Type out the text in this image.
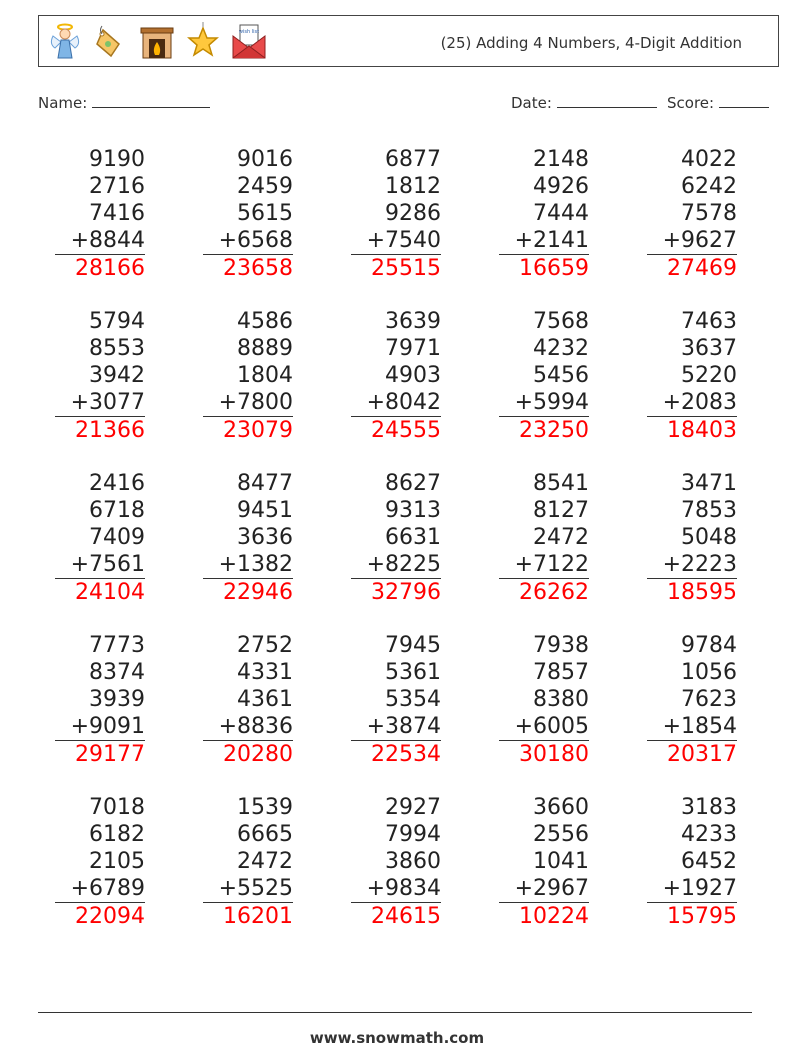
wish list
(25) Adding 4 Numbers, 4-Digit Addition
Name:	Date:	Score:
9190
2716
7416
+8844
28166
9016
2459
5615
+6568
23658
6877
1812
9286
+7540
25515
2148
4926
7444
+2141
16659
4022
6242
7578
+9627
27469
5794
8553
3942
+3077
21366
4586
8889
1804
+7800
23079
3639
7971
4903
+8042
24555
7568
4232
5456
+5994
23250
7463
3637
5220
+2083
18403
2416
6718
7409
+7561
24104
8477
9451
3636
+1382
22946
8627
9313
6631
+8225
32796
8541
8127
2472
+7122
26262
3471
7853
5048
+2223
18595
7773
8374
3939
+9091
29177
2752
4331
4361
+8836
20280
7945
5361
5354
+3874
22534
7938
7857
8380
+6005
30180
9784
1056
7623
+1854
20317
7018
6182
2105
+6789
22094
1539
6665
2472
+5525
16201
2927
7994
3860
+9834
24615
3660
2556
1041
+2967
10224
3183
4233
6452
+1927
15795
www.snowmath.com
